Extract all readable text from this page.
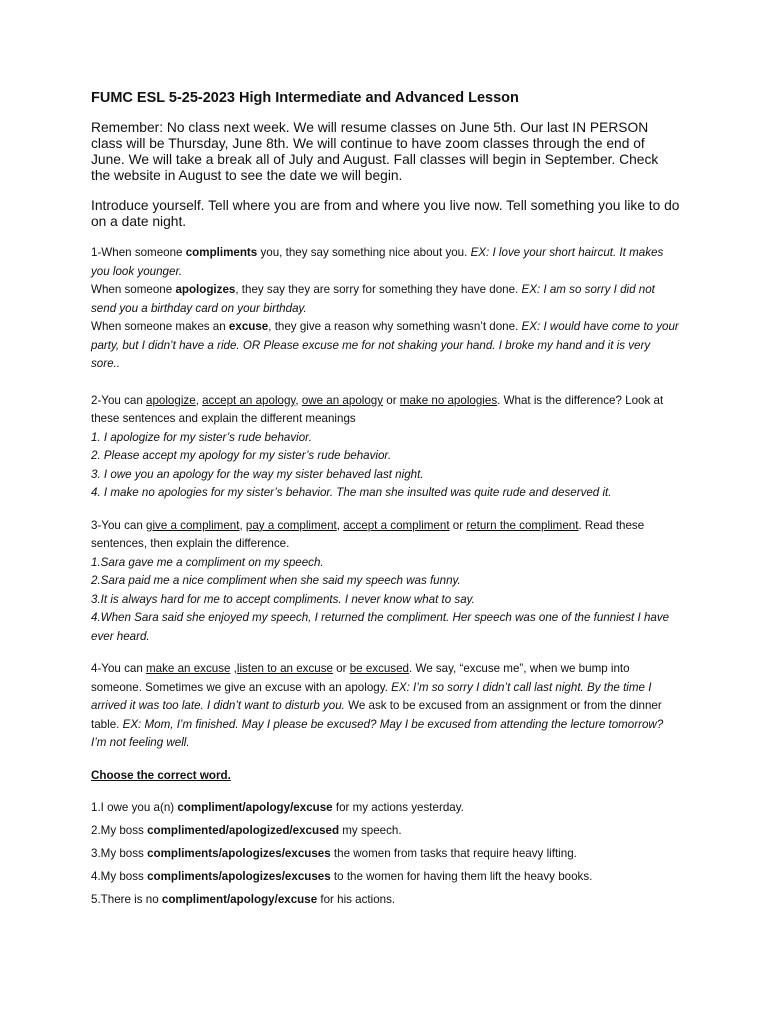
FUMC ESL 5-25-2023 High Intermediate and Advanced Lesson

Remember: No class next week. We will resume classes on June 5th. Our last IN PERSON class will be Thursday, June 8th. We will continue to have zoom classes through the end of June. We will take a break all of July and August. Fall classes will begin in September. Check the website in August to see the date we will begin.

Introduce yourself. Tell where you are from and where you live now. Tell something you like to do on a date night.

1-When someone compliments you, they say something nice about you. EX: I love your short haircut. It makes you look younger.
When someone apologizes, they say they are sorry for something they have done. EX: I am so sorry I did not send you a birthday card on your birthday.
When someone makes an excuse, they give a reason why something wasn’t done. EX: I would have come to your party, but I didn’t have a ride. OR Please excuse me for not shaking your hand. I broke my hand and it is very sore..

2-You can apologize, accept an apology, owe an apology or make no apologies. What is the difference? Look at these sentences and explain the different meanings
1. I apologize for my sister’s rude behavior.
2. Please accept my apology for my sister’s rude behavior.
3. I owe you an apology for the way my sister behaved last night.
4. I make no apologies for my sister’s behavior. The man she insulted was quite rude and deserved it.

3-You can give a compliment, pay a compliment, accept a compliment or return the compliment. Read these sentences, then explain the difference.
1.Sara gave me a compliment on my speech.
2.Sara paid me a nice compliment when she said my speech was funny.
3.It is always hard for me to accept compliments. I never know what to say.
4.When Sara said she enjoyed my speech, I returned the compliment. Her speech was one of the funniest I have ever heard.

4-You can make an excuse ,listen to an excuse or be excused. We say, “excuse me”, when we bump into someone. Sometimes we give an excuse with an apology. EX: I’m so sorry I didn’t call last night. By the time I arrived it was too late. I didn’t want to disturb you. We ask to be excused from an assignment or from the dinner table. EX: Mom, I’m finished. May I please be excused? May I be excused from attending the lecture tomorrow? I’m not feeling well.

Choose the correct word.

1.I owe you a(n) compliment/apology/excuse for my actions yesterday.

2.My boss complimented/apologized/excused my speech.

3.My boss compliments/apologizes/excuses the women from tasks that require heavy lifting.

4.My boss compliments/apologizes/excuses to the women for having them lift the heavy books.

5.There is no compliment/apology/excuse for his actions.
